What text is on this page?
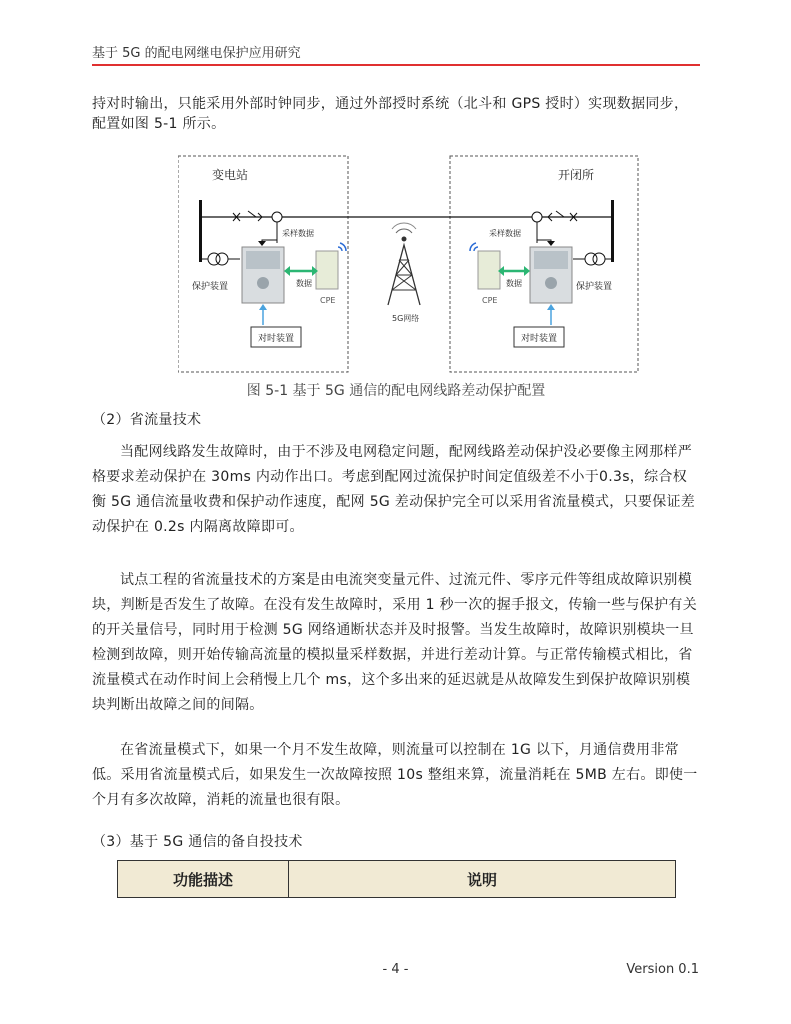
基于 5G 的配电网继电保护应用研究
持对时输出，只能采用外部时钟同步，通过外部授时系统（北斗和 GPS 授时）实现数据同步，配置如图 5-1 所示。
变电站	开闭所
采样数据	采样数据
保护装置	保护装置
CPE	CPE
数据	数据
对时装置	对时装置
5G网络
图 5-1 基于 5G 通信的配电网线路差动保护配置
（2）省流量技术
当配网线路发生故障时，由于不涉及电网稳定问题，配网线路差动保护没必要像主网那样严格要求差动保护在 30ms 内动作出口。考虑到配网过流保护时间定值级差不小于0.3s，综合权衡 5G 通信流量收费和保护动作速度，配网 5G 差动保护完全可以采用省流量模式，只要保证差动保护在 0.2s 内隔离故障即可。
试点工程的省流量技术的方案是由电流突变量元件、过流元件、零序元件等组成故障识别模块，判断是否发生了故障。在没有发生故障时，采用 1 秒一次的握手报文，传输一些与保护有关的开关量信号，同时用于检测 5G 网络通断状态并及时报警。当发生故障时，故障识别模块一旦检测到故障，则开始传输高流量的模拟量采样数据，并进行差动计算。与正常传输模式相比，省流量模式在动作时间上会稍慢上几个 ms，这个多出来的延迟就是从故障发生到保护故障识别模块判断出故障之间的间隔。
在省流量模式下，如果一个月不发生故障，则流量可以控制在 1G 以下，月通信费用非常低。采用省流量模式后，如果发生一次故障按照 10s 整组来算，流量消耗在 5MB 左右。即使一个月有多次故障，消耗的流量也很有限。
（3）基于 5G 通信的备自投技术
功能描述	说明
- 4 -	Version 0.1
